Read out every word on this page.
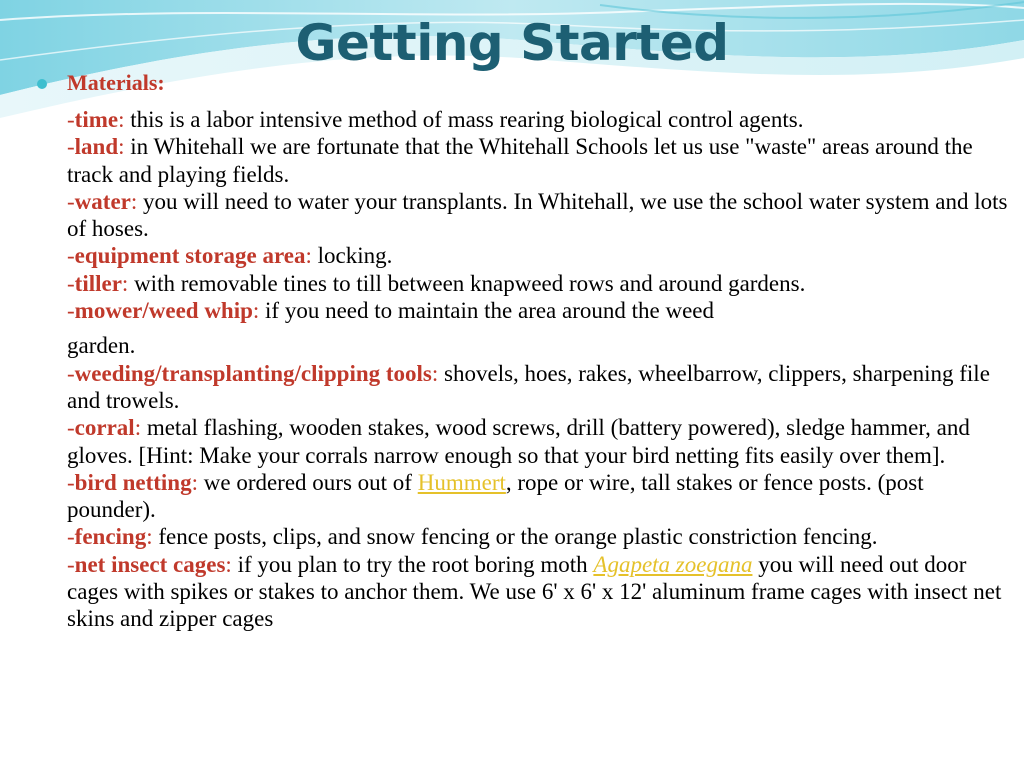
Getting Started
Materials:

-time: this is a labor intensive method of mass rearing biological control agents.

-land: in Whitehall we are fortunate that the Whitehall Schools let us use "waste" areas around the track and playing fields.

-water: you will need to water your transplants. In Whitehall, we use the school water system and lots of hoses.

-equipment storage area: locking.

-tiller: with removable tines to till between knapweed rows and around gardens.

-mower/weed whip: if you need to maintain the area around the weed
garden.

-weeding/transplanting/clipping tools: shovels, hoes, rakes, wheelbarrow, clippers, sharpening file and trowels.

-corral: metal flashing, wooden stakes, wood screws, drill (battery powered), sledge hammer, and gloves. [Hint: Make your corrals narrow enough so that your bird netting fits easily over them].

-bird netting: we ordered ours out of Hummert, rope or wire, tall stakes or fence posts. (post pounder).

-fencing: fence posts, clips, and snow fencing or the orange plastic constriction fencing.

-net insect cages: if you plan to try the root boring moth Agapeta zoegana you will need out door cages with spikes or stakes to anchor them. We use 6' x 6' x 12' aluminum frame cages with insect net skins and zipper cages
